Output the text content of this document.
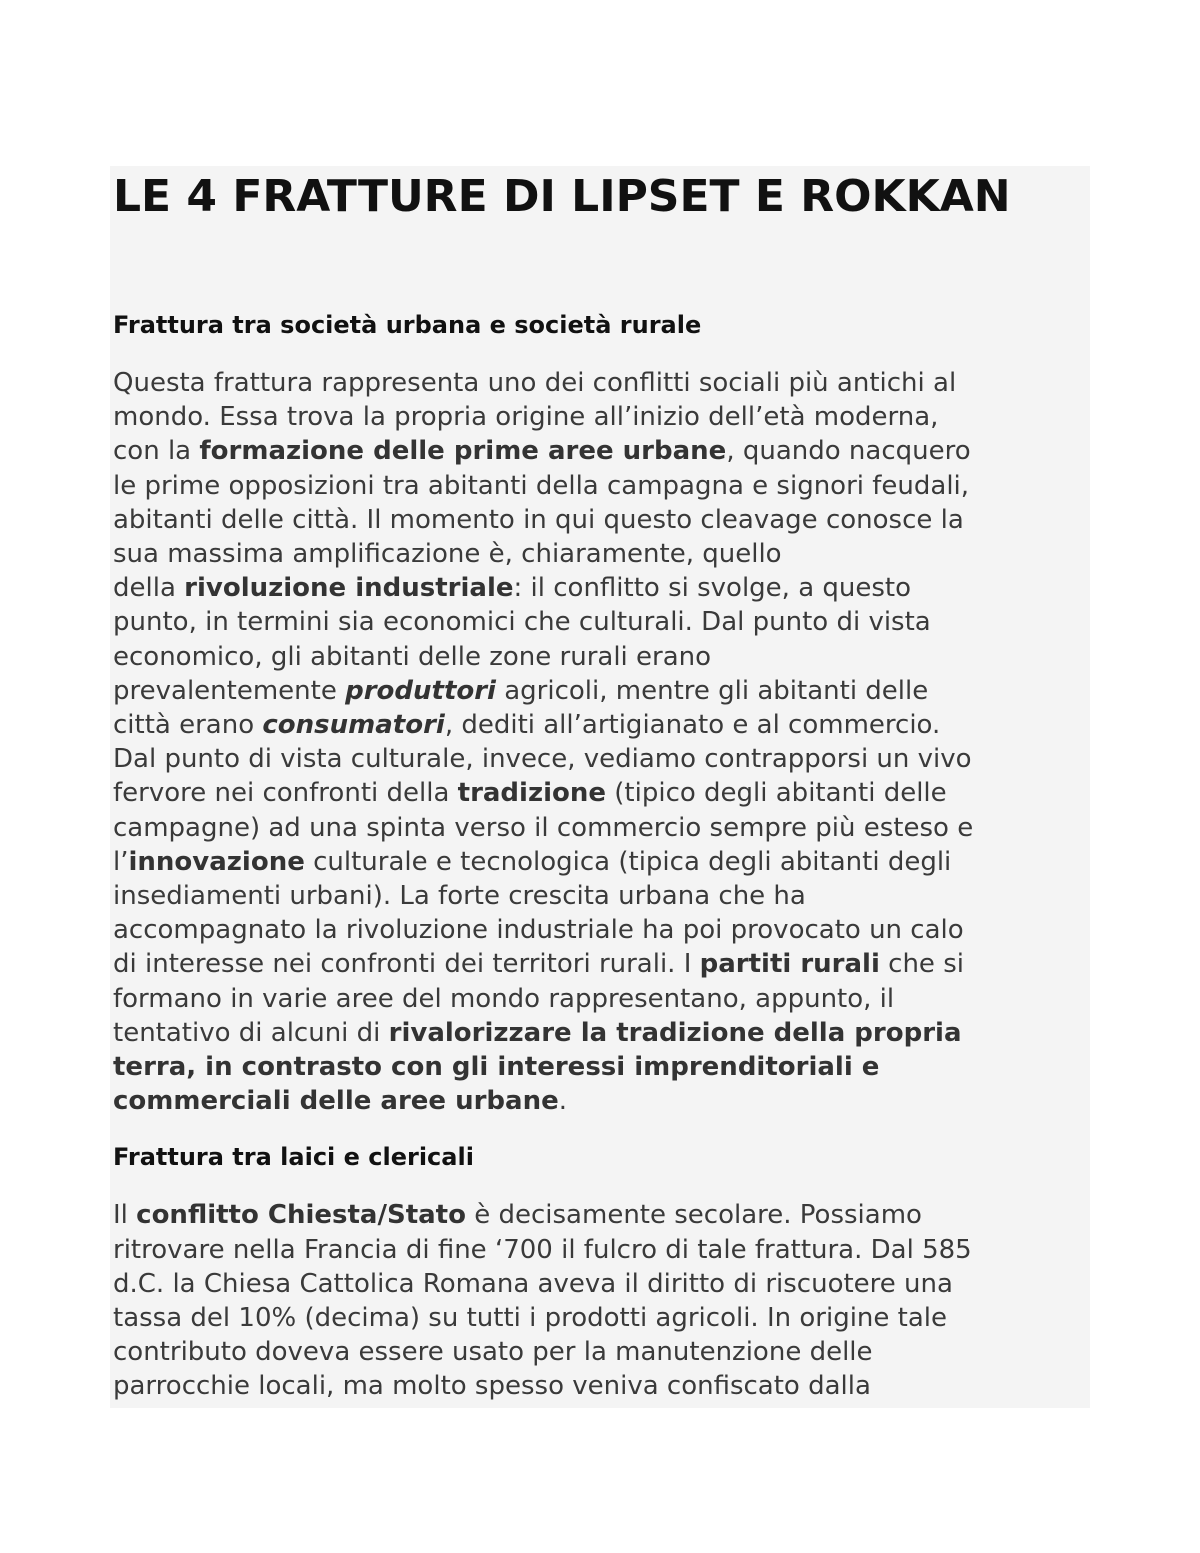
LE 4 FRATTURE DI LIPSET E ROKKAN
Frattura tra società urbana e società rurale
Questa frattura rappresenta uno dei conflitti sociali più antichi al
mondo. Essa trova la propria origine all’inizio dell’età moderna,
con la formazione delle prime aree urbane, quando nacquero
le prime opposizioni tra abitanti della campagna e signori feudali,
abitanti delle città. Il momento in qui questo cleavage conosce la
sua massima amplificazione è, chiaramente, quello
della rivoluzione industriale: il conflitto si svolge, a questo
punto, in termini sia economici che culturali. Dal punto di vista
economico, gli abitanti delle zone rurali erano
prevalentemente produttori agricoli, mentre gli abitanti delle
città erano consumatori, dediti all’artigianato e al commercio.
Dal punto di vista culturale, invece, vediamo contrapporsi un vivo
fervore nei confronti della tradizione (tipico degli abitanti delle
campagne) ad una spinta verso il commercio sempre più esteso e
l’innovazione culturale e tecnologica (tipica degli abitanti degli
insediamenti urbani). La forte crescita urbana che ha
accompagnato la rivoluzione industriale ha poi provocato un calo
di interesse nei confronti dei territori rurali. I partiti rurali che si
formano in varie aree del mondo rappresentano, appunto, il
tentativo di alcuni di rivalorizzare la tradizione della propria
terra, in contrasto con gli interessi imprenditoriali e
commerciali delle aree urbane.
Frattura tra laici e clericali
Il conflitto Chiesta/Stato è decisamente secolare. Possiamo
ritrovare nella Francia di fine ‘700 il fulcro di tale frattura. Dal 585
d.C. la Chiesa Cattolica Romana aveva il diritto di riscuotere una
tassa del 10% (decima) su tutti i prodotti agricoli. In origine tale
contributo doveva essere usato per la manutenzione delle
parrocchie locali, ma molto spesso veniva confiscato dalla
